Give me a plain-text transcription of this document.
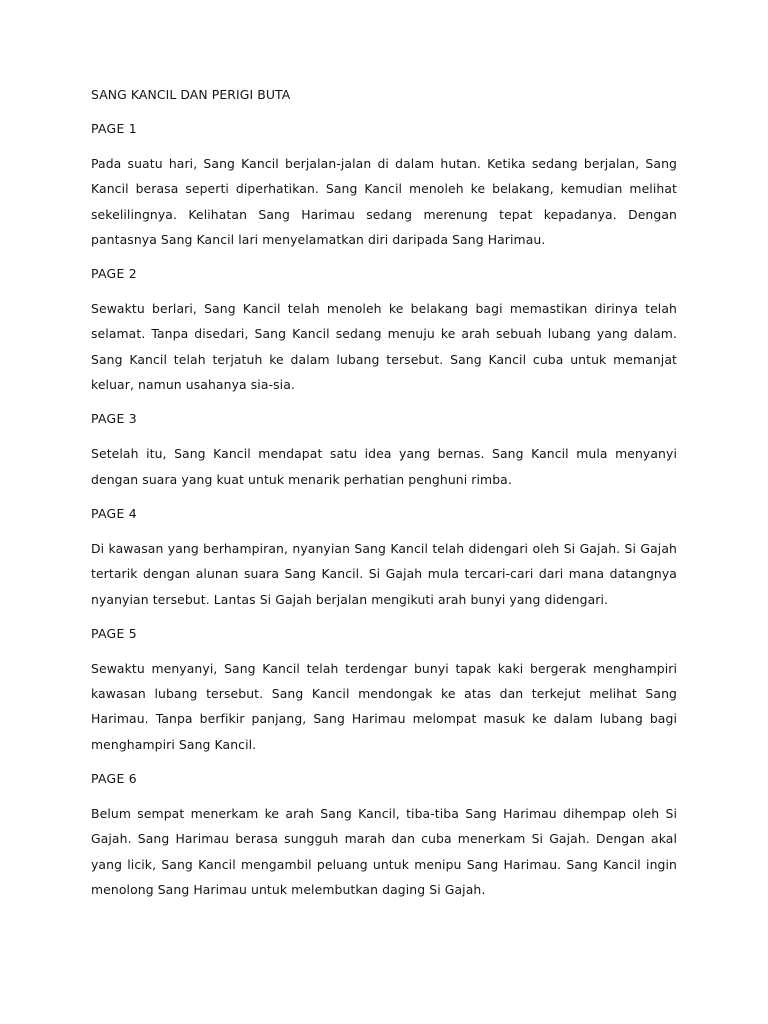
SANG KANCIL DAN PERIGI BUTA
PAGE 1

Pada suatu hari, Sang Kancil berjalan-jalan di dalam hutan. Ketika sedang berjalan, Sang Kancil berasa seperti diperhatikan. Sang Kancil menoleh ke belakang, kemudian melihat sekelilingnya. Kelihatan Sang Harimau sedang merenung tepat kepadanya. Dengan pantasnya Sang Kancil lari menyelamatkan diri daripada Sang Harimau.

PAGE 2

Sewaktu berlari, Sang Kancil telah menoleh ke belakang bagi memastikan dirinya telah selamat. Tanpa disedari, Sang Kancil sedang menuju ke arah sebuah lubang yang dalam. Sang Kancil telah terjatuh ke dalam lubang tersebut. Sang Kancil cuba untuk memanjat keluar, namun usahanya sia-sia.

PAGE 3

Setelah itu, Sang Kancil mendapat satu idea yang bernas. Sang Kancil mula menyanyi dengan suara yang kuat untuk menarik perhatian penghuni rimba.

PAGE 4

Di kawasan yang berhampiran, nyanyian Sang Kancil telah didengari oleh Si Gajah. Si Gajah tertarik dengan alunan suara Sang Kancil. Si Gajah mula tercari-cari dari mana datangnya nyanyian tersebut. Lantas Si Gajah berjalan mengikuti arah bunyi yang didengari.

PAGE 5

Sewaktu menyanyi, Sang Kancil telah terdengar bunyi tapak kaki bergerak menghampiri kawasan lubang tersebut. Sang Kancil mendongak ke atas dan terkejut melihat Sang Harimau. Tanpa berfikir panjang, Sang Harimau melompat masuk ke dalam lubang bagi menghampiri Sang Kancil.

PAGE 6

Belum sempat menerkam ke arah Sang Kancil, tiba-tiba Sang Harimau dihempap oleh Si Gajah. Sang Harimau berasa sungguh marah dan cuba menerkam Si Gajah. Dengan akal yang licik, Sang Kancil mengambil peluang untuk menipu Sang Harimau. Sang Kancil ingin menolong Sang Harimau untuk melembutkan daging Si Gajah.
